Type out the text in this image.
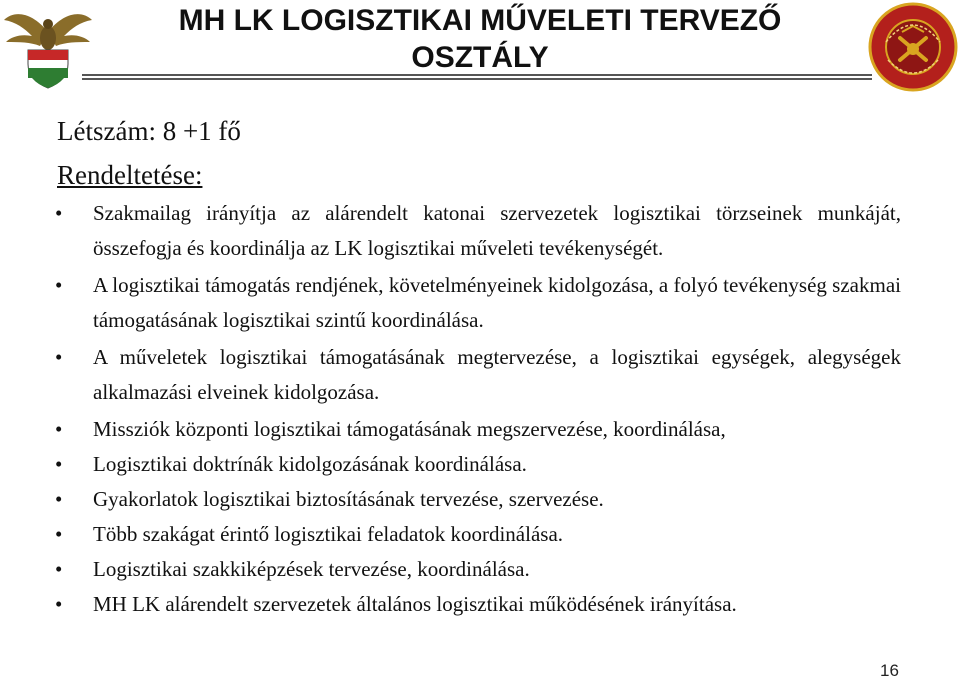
MH LK LOGISZTIKAI MŰVELETI TERVEZŐ OSZTÁLY
Létszám: 8 +1 fő
Rendeltetése:
• Szakmailag irányítja az alárendelt katonai szervezetek logisztikai törzseinek munkáját, összefogja és koordinálja az LK logisztikai műveleti tevékenységét.
• A logisztikai támogatás rendjének, követelményeinek kidolgozása, a folyó tevékenység szakmai támogatásának logisztikai szintű koordinálása.
• A műveletek logisztikai támogatásának megtervezése, a logisztikai egységek, alegységek alkalmazási elveinek kidolgozása.
• Missziók központi logisztikai támogatásának megszervezése, koordinálása,
• Logisztikai doktrínák kidolgozásának koordinálása.
• Gyakorlatok logisztikai biztosításának tervezése, szervezése.
• Több szakágat érintő logisztikai feladatok koordinálása.
• Logisztikai szakkiképzések tervezése, koordinálása.
• MH LK alárendelt szervezetek általános logisztikai működésének irányítása.
16
